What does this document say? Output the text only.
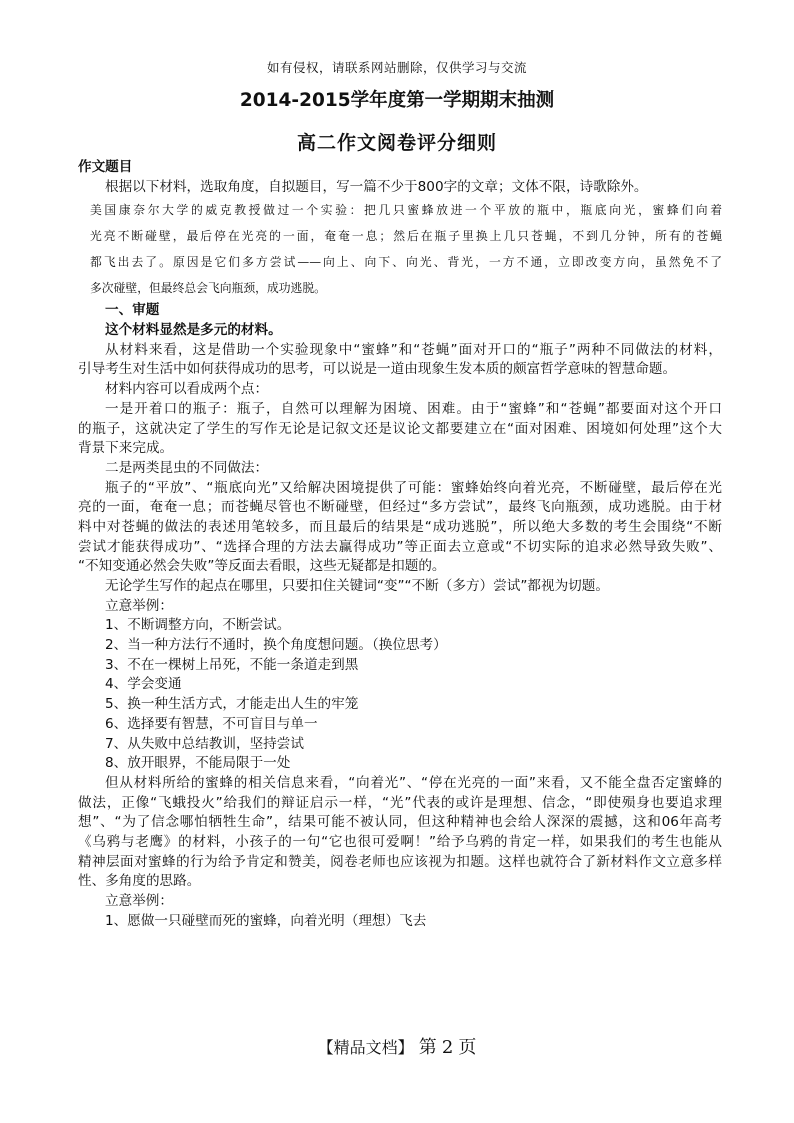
如有侵权，请联系网站删除，仅供学习与交流
2014-2015学年度第一学期期末抽测
高二作文阅卷评分细则
作文题目
根据以下材料，选取角度，自拟题目，写一篇不少于800字的文章；文体不限，诗歌除外。
美国康奈尔大学的威克教授做过一个实验：把几只蜜蜂放进一个平放的瓶中，瓶底向光，蜜蜂们向着
光亮不断碰壁，最后停在光亮的一面，奄奄一息；然后在瓶子里换上几只苍蝇，不到几分钟，所有的苍蝇
都飞出去了。原因是它们多方尝试——向上、向下、向光、背光，一方不通，立即改变方向，虽然免不了
多次碰壁，但最终总会飞向瓶颈，成功逃脱。
一、审题
这个材料显然是多元的材料。
从材料来看，这是借助一个实验现象中“蜜蜂”和“苍蝇”面对开口的“瓶子”两种不同做法的材料，
引导考生对生活中如何获得成功的思考，可以说是一道由现象生发本质的颇富哲学意味的智慧命题。
材料内容可以看成两个点：
一是开着口的瓶子：瓶子，自然可以理解为困境、困难。由于“蜜蜂”和“苍蝇”都要面对这个开口
的瓶子，这就决定了学生的写作无论是记叙文还是议论文都要建立在“面对困难、困境如何处理”这个大
背景下来完成。
二是两类昆虫的不同做法：
瓶子的“平放”、“瓶底向光”又给解决困境提供了可能：蜜蜂始终向着光亮，不断碰壁，最后停在光
亮的一面，奄奄一息；而苍蝇尽管也不断碰壁，但经过“多方尝试”，最终飞向瓶颈，成功逃脱。由于材
料中对苍蝇的做法的表述用笔较多，而且最后的结果是“成功逃脱”，所以绝大多数的考生会围绕“不断
尝试才能获得成功”、“选择合理的方法去赢得成功”等正面去立意或“不切实际的追求必然导致失败”、
“不知变通必然会失败”等反面去看眼，这些无疑都是扣题的。
无论学生写作的起点在哪里，只要扣住关键词“变”“不断（多方）尝试”都视为切题。
立意举例：
1、不断调整方向，不断尝试。
2、当一种方法行不通时，换个角度想问题。（换位思考）
3、不在一棵树上吊死，不能一条道走到黑
4、学会变通
5、换一种生活方式，才能走出人生的牢笼
6、选择要有智慧，不可盲目与单一
7、从失败中总结教训，坚持尝试
8、放开眼界，不能局限于一处
但从材料所给的蜜蜂的相关信息来看，“向着光”、“停在光亮的一面”来看，又不能全盘否定蜜蜂的
做法，正像“飞蛾投火”给我们的辩证启示一样，“光”代表的或许是理想、信念，“即使殒身也要追求理
想”、“为了信念哪怕牺牲生命”，结果可能不被认同，但这种精神也会给人深深的震撼，这和06年高考
《乌鸦与老鹰》的材料，小孩子的一句“它也很可爱啊！”给予乌鸦的肯定一样，如果我们的考生也能从
精神层面对蜜蜂的行为给予肯定和赞美，阅卷老师也应该视为扣题。这样也就符合了新材料作文立意多样
性、多角度的思路。
立意举例：
1、愿做一只碰壁而死的蜜蜂，向着光明（理想）飞去
【精品文档】 第 2 页
